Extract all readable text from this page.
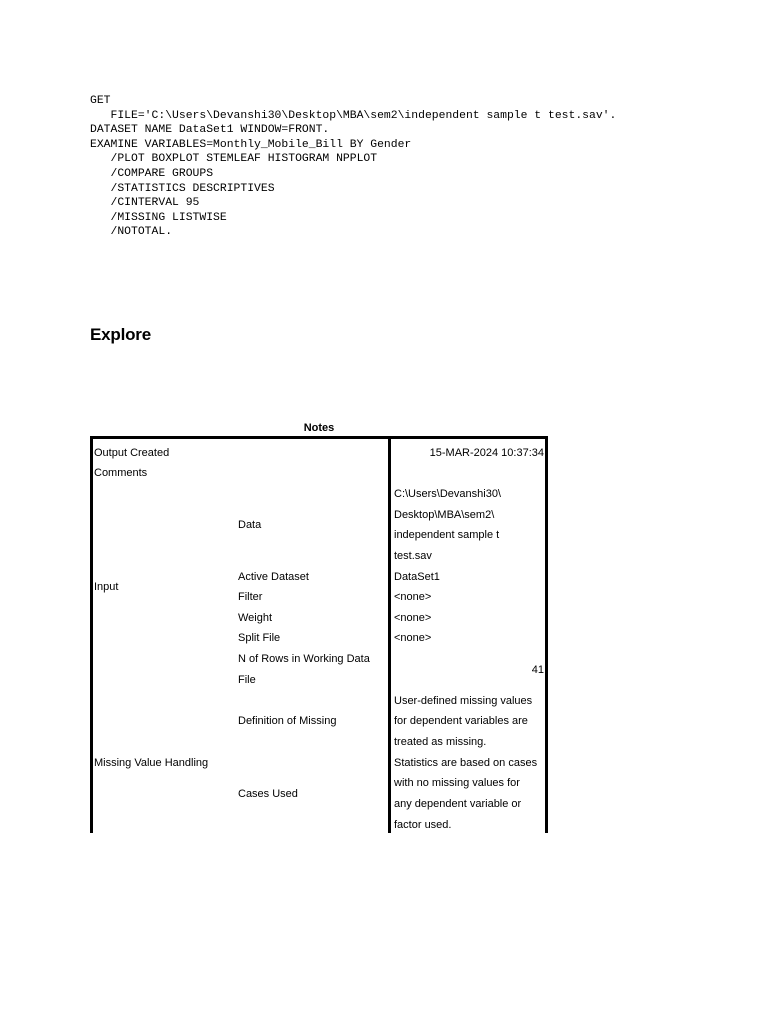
GET
FILE='C:\Users\Devanshi30\Desktop\MBA\sem2\independent sample t test.sav'.
DATASET NAME DataSet1 WINDOW=FRONT.
EXAMINE VARIABLES=Monthly_Mobile_Bill BY Gender
/PLOT BOXPLOT STEMLEAF HISTOGRAM NPPLOT
/COMPARE GROUPS
/STATISTICS DESCRIPTIVES
/CINTERVAL 95
/MISSING LISTWISE
/NOTOTAL.
Explore
Notes
Output Created
Comments
Input
Missing Value Handling
Data
Active Dataset
Filter
Weight
Split File
N of Rows in Working Data
File
Definition of Missing
Cases Used
15-MAR-2024 10:37:34
C:\Users\Devanshi30\
Desktop\MBA\sem2\
independent sample t
test.sav
DataSet1
<none>
<none>
<none>
41
User-defined missing values
for dependent variables are
treated as missing.
Statistics are based on cases
with no missing values for
any dependent variable or
factor used.
